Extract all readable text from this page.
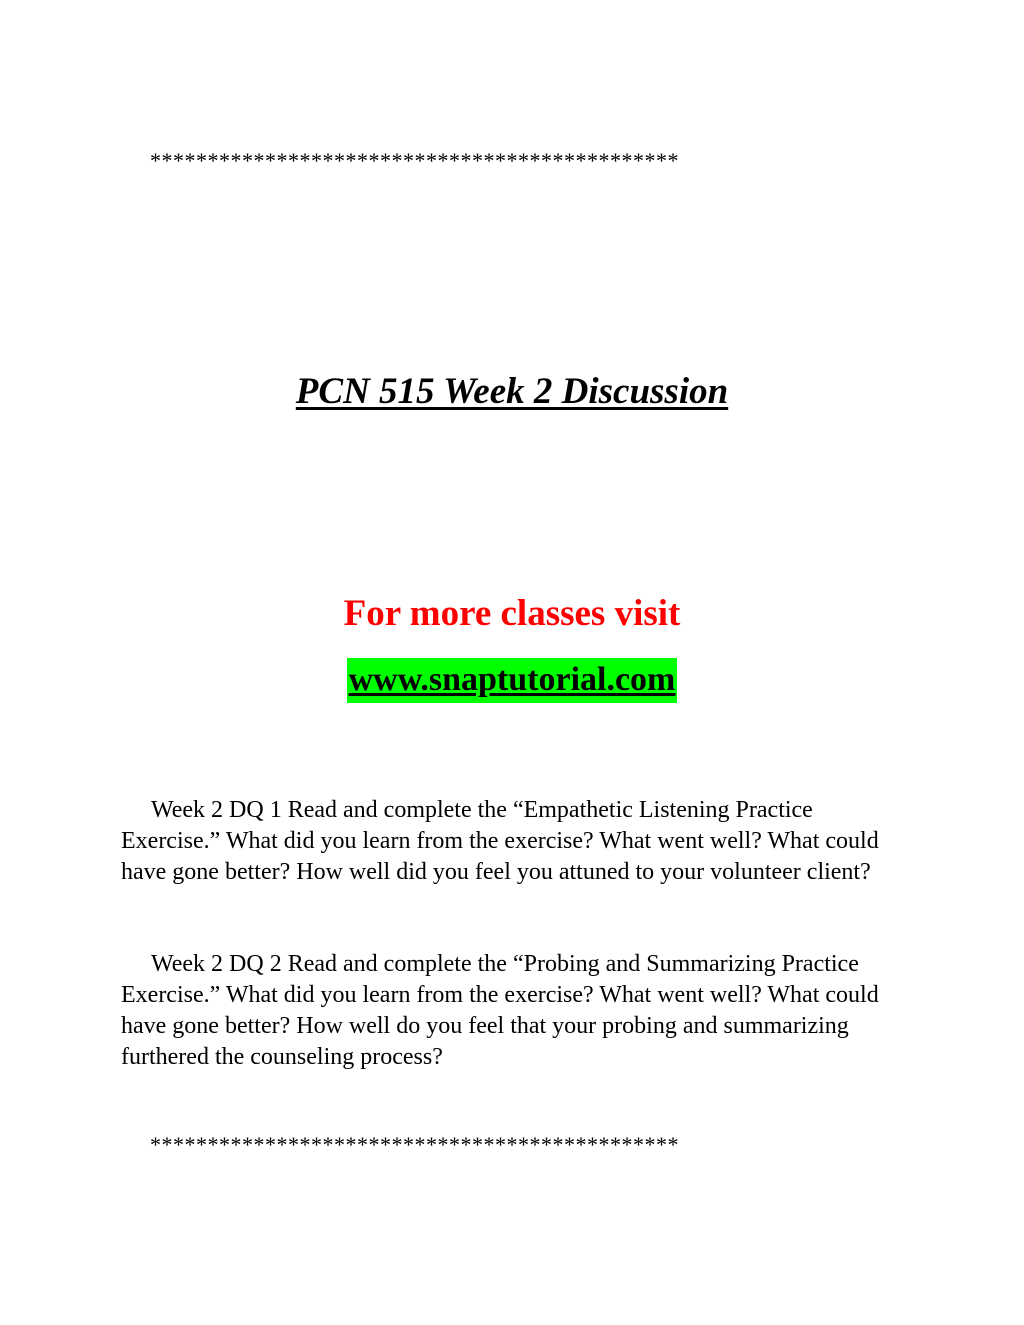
**********************************************
PCN 515 Week 2 Discussion
For more classes visit
www.snaptutorial.com

Week 2 DQ 1 Read and complete the “Empathetic Listening Practice Exercise.” What did you learn from the exercise? What went well? What could have gone better? How well did you feel you attuned to your volunteer client?

Week 2 DQ 2 Read and complete the “Probing and Summarizing Practice Exercise.” What did you learn from the exercise? What went well? What could have gone better? How well do you feel that your probing and summarizing furthered the counseling process?

**********************************************
